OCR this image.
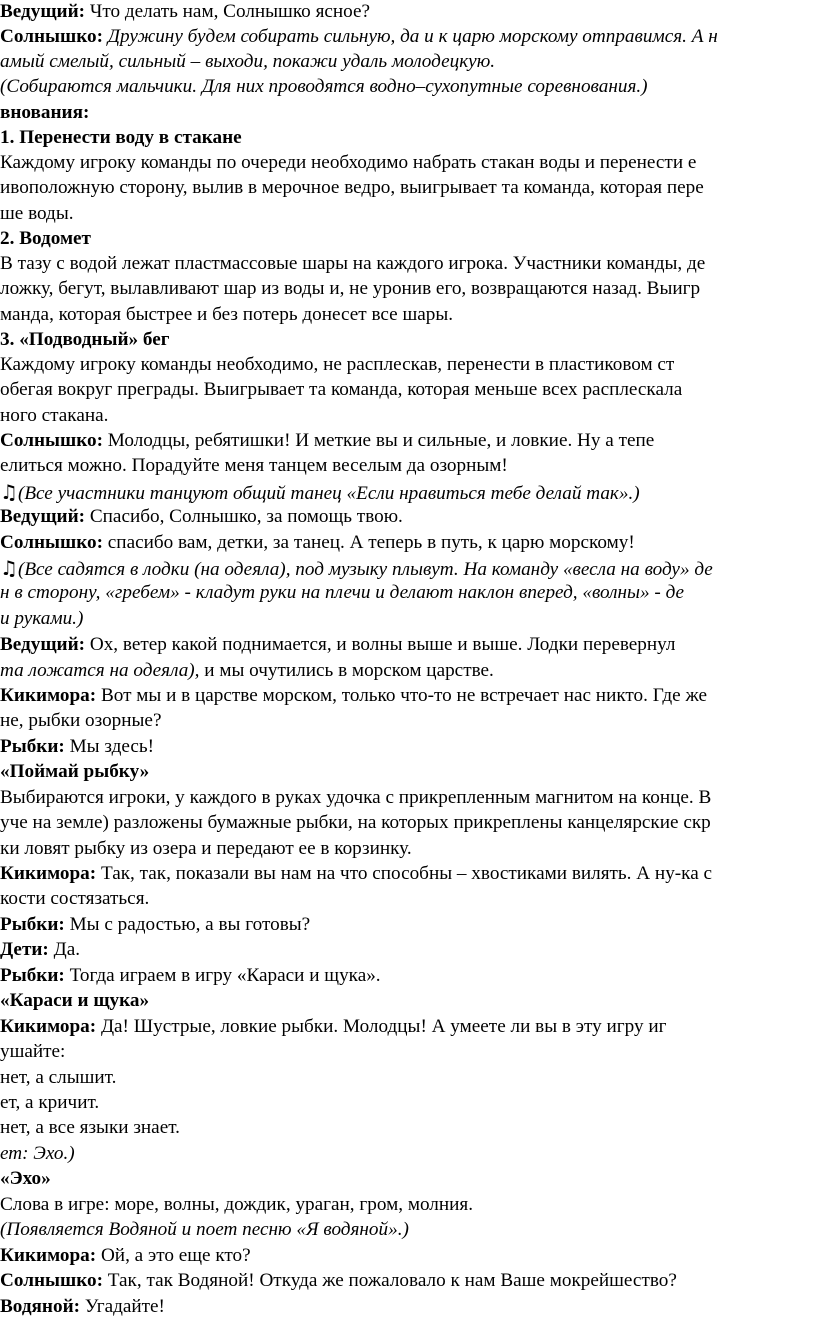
Ведущий: Что делать нам, Солнышко ясное?
Солнышко: Дружину будем собирать сильную, да и к царю морскому отправимся. А н
амый смелый, сильный – выходи, покажи удаль молодецкую.
(Собираются мальчики. Для них проводятся водно–сухопутные соревнования.)
внования:
1. Перенести воду в стакане
Каждому игроку команды по очереди необходимо набрать стакан воды и перенести е
ивоположную сторону, вылив в мерочное ведро, выигрывает та команда, которая пере
ше воды.
2. Водомет
В тазу с водой лежат пластмассовые шары на каждого игрока. Участники команды, де
ложку, бегут, вылавливают шар из воды и, не уронив его, возвращаются назад. Выигр
манда, которая быстрее и без потерь донесет все шары.
3. «Подводный» бег
Каждому игроку команды необходимо, не расплескав, перенести в пластиковом ст
обегая вокруг преграды. Выигрывает та команда, которая меньше всех расплескала
ного стакана.
Солнышко: Молодцы, ребятишки! И меткие вы и сильные, и ловкие. Ну а тепе
елиться можно. Порадуйте меня танцем веселым да озорным!
♫(Все участники танцуют общий танец «Если нравиться тебе делай так».)
Ведущий: Спасибо, Солнышко, за помощь твою.
Солнышко: спасибо вам, детки, за танец. А теперь в путь, к царю морскому!
♫(Все садятся в лодки (на одеяла), под музыку плывут. На команду «весла на воду» де
н в сторону, «гребем» - кладут руки на плечи и делают наклон вперед, «волны» - де
и руками.)
Ведущий: Ох, ветер какой поднимается, и волны выше и выше. Лодки перевернул
та ложатся на одеяла), и мы очутились в морском царстве.
Кикимора: Вот мы и в царстве морском, только что-то не встречает нас никто. Где же
не, рыбки озорные?
Рыбки: Мы здесь!
«Поймай рыбку»
Выбираются игроки, у каждого в руках удочка с прикрепленным магнитом на конце. В
уче на земле) разложены бумажные рыбки, на которых прикреплены канцелярские скр
ки ловят рыбку из озера и передают ее в корзинку.
Кикимора: Так, так, показали вы нам на что способны – хвостиками вилять. А ну-ка с
кости состязаться.
Рыбки: Мы с радостью, а вы готовы?
Дети: Да.
Рыбки: Тогда играем в игру «Караси и щука».
«Караси и щука»
Кикимора: Да! Шустрые, ловкие рыбки. Молодцы! А умеете ли вы в эту игру иг
ушайте:
нет, а слышит.
ет, а кричит.
нет, а все языки знает.
ет: Эхо.)
«Эхо»
Слова в игре: море, волны, дождик, ураган, гром, молния.
(Появляется Водяной и поет песню «Я водяной».)
Кикимора: Ой, а это еще кто?
Солнышко: Так, так Водяной! Откуда же пожаловало к нам Ваше мокрейшество?
Водяной: Угадайте!
